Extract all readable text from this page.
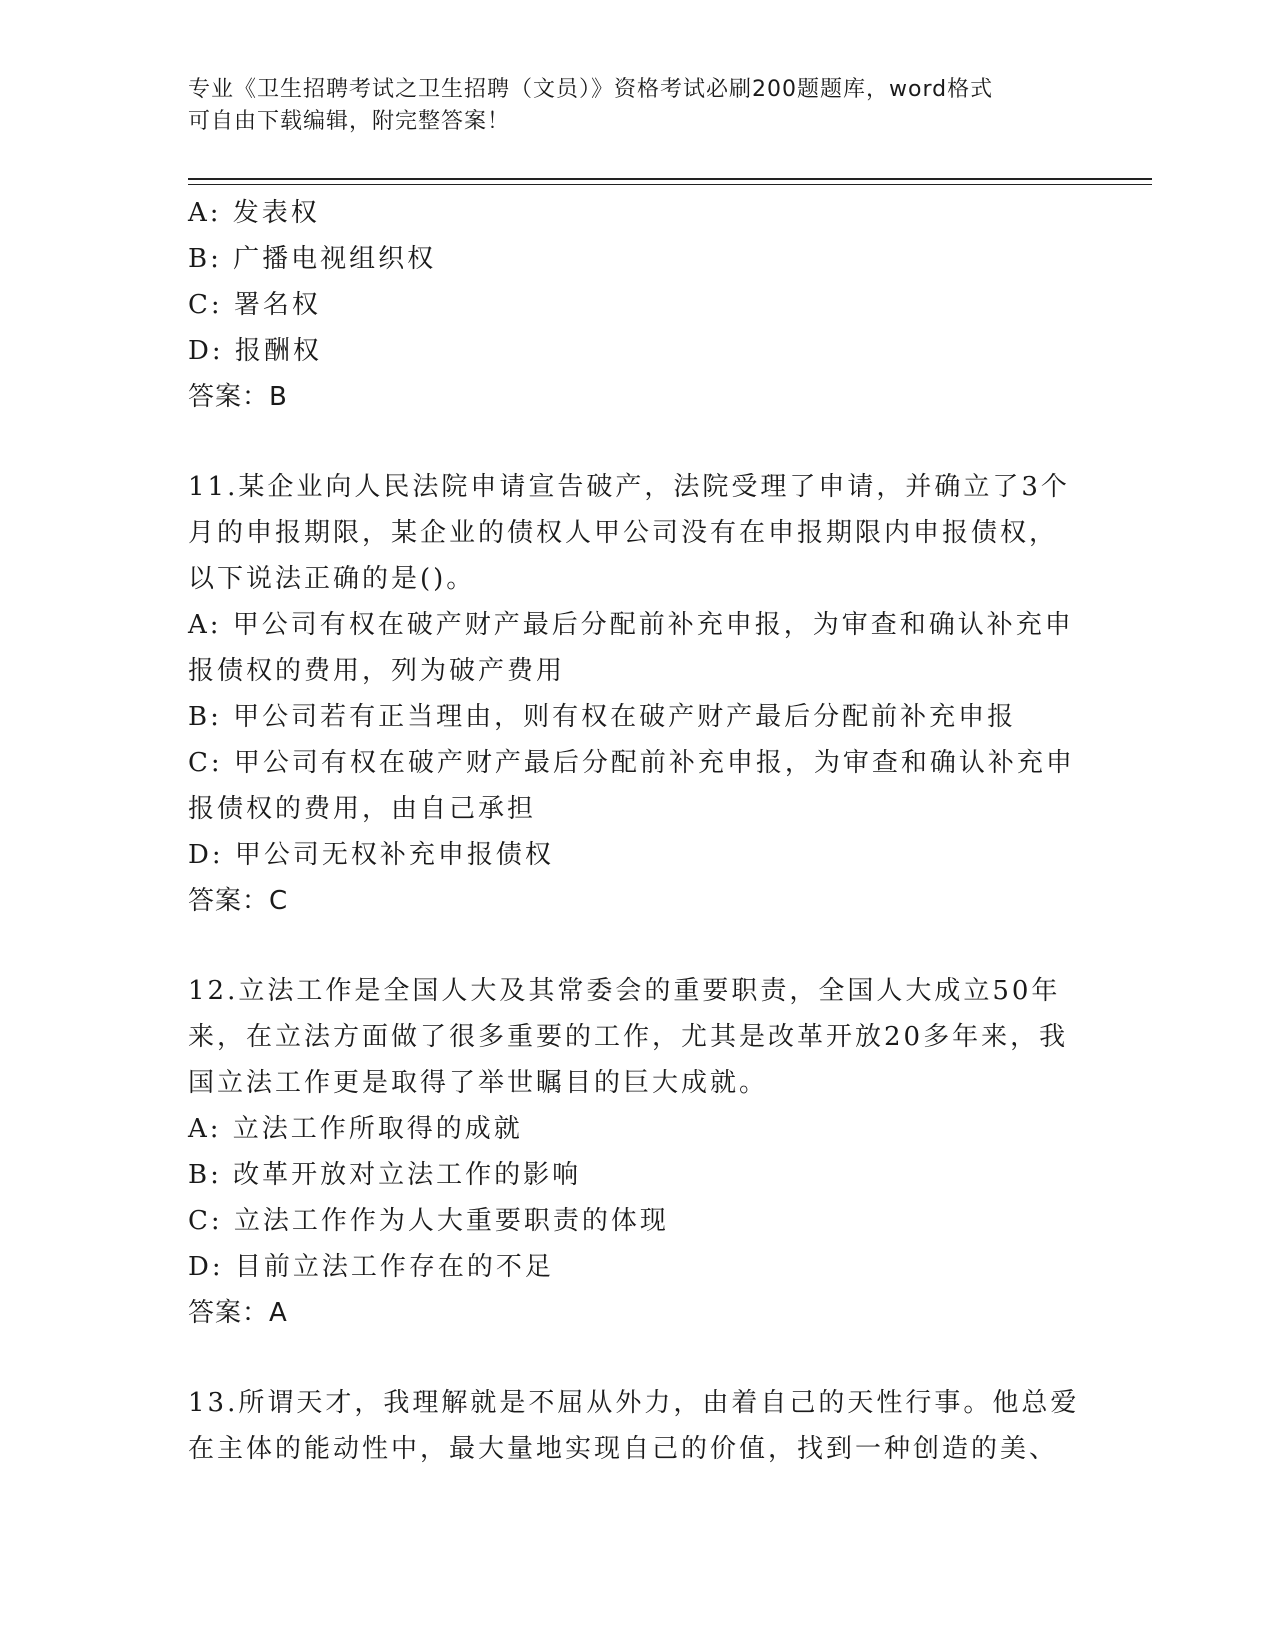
专业《卫生招聘考试之卫生招聘（文员）》资格考试必刷200题题库，word格式
可自由下载编辑，附完整答案！
A: 发表权
B: 广播电视组织权
C: 署名权
D: 报酬权
答案：B
11.某企业向人民法院申请宣告破产，法院受理了申请，并确立了3个
月的申报期限，某企业的债权人甲公司没有在申报期限内申报债权，
以下说法正确的是()。
A: 甲公司有权在破产财产最后分配前补充申报，为审查和确认补充申
报债权的费用，列为破产费用
B: 甲公司若有正当理由，则有权在破产财产最后分配前补充申报
C: 甲公司有权在破产财产最后分配前补充申报，为审查和确认补充申
报债权的费用，由自己承担
D: 甲公司无权补充申报债权
答案：C
12.立法工作是全国人大及其常委会的重要职责，全国人大成立50年
来，在立法方面做了很多重要的工作，尤其是改革开放20多年来，我
国立法工作更是取得了举世瞩目的巨大成就。
A: 立法工作所取得的成就
B: 改革开放对立法工作的影响
C: 立法工作作为人大重要职责的体现
D: 目前立法工作存在的不足
答案：A
13.所谓天才，我理解就是不屈从外力，由着自己的天性行事。他总爱
在主体的能动性中，最大量地实现自己的价值，找到一种创造的美、
